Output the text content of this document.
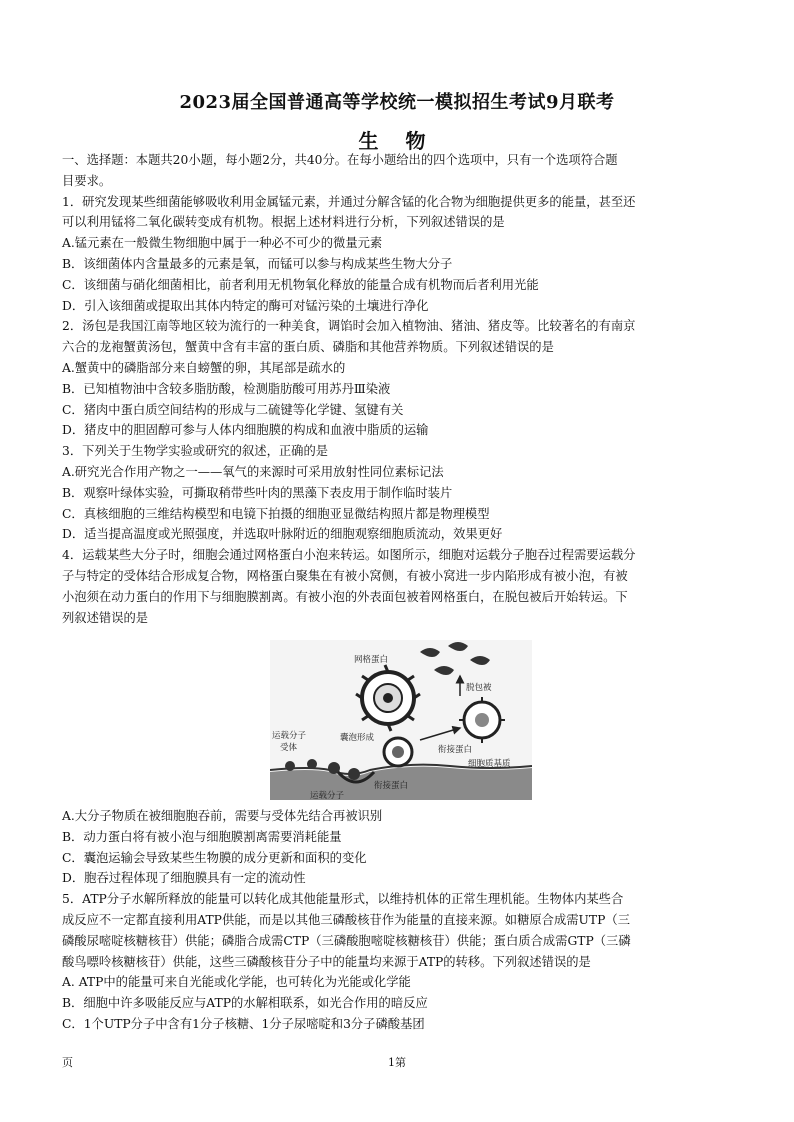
2023届全国普通高等学校统一模拟招生考试9月联考
生 物

一、选择题：本题共20小题，每小题2分，共40分。在每小题给出的四个选项中，只有一个选项符合题

目要求。

1．研究发现某些细菌能够吸收利用金属锰元素，并通过分解含锰的化合物为细胞提供更多的能量，甚至还

可以利用锰将二氧化碳转变成有机物。根据上述材料进行分析，下列叙述错误的是

A.锰元素在一般微生物细胞中属于一种必不可少的微量元素

B．该细菌体内含量最多的元素是氧，而锰可以参与构成某些生物大分子

C．该细菌与硝化细菌相比，前者利用无机物氧化释放的能量合成有机物而后者利用光能

D．引入该细菌或提取出其体内特定的酶可对锰污染的土壤进行净化

2．汤包是我国江南等地区较为流行的一种美食，调馅时会加入植物油、猪油、猪皮等。比较著名的有南京

六合的龙袍蟹黄汤包，蟹黄中含有丰富的蛋白质、磷脂和其他营养物质。下列叙述错误的是

A.蟹黄中的磷脂部分来自螃蟹的卵，其尾部是疏水的

B．已知植物油中含较多脂肪酸，检测脂肪酸可用苏丹Ⅲ染液

C．猪肉中蛋白质空间结构的形成与二硫键等化学键、氢键有关

D．猪皮中的胆固醇可参与人体内细胞膜的构成和血液中脂质的运输

3．下列关于生物学实验或研究的叙述，正确的是

A.研究光合作用产物之一——氧气的来源时可采用放射性同位素标记法

B．观察叶绿体实验，可撕取稍带些叶肉的黑藻下表皮用于制作临时装片

C．真核细胞的三维结构模型和电镜下拍摄的细胞亚显微结构照片都是物理模型

D．适当提高温度或光照强度，并选取叶脉附近的细胞观察细胞质流动，效果更好

4．运载某些大分子时，细胞会通过网格蛋白小泡来转运。如图所示，细胞对运载分子胞吞过程需要运载分

子与特定的受体结合形成复合物，网格蛋白聚集在有被小窝侧，有被小窝进一步内陷形成有被小泡，有被

小泡须在动力蛋白的作用下与细胞膜割离。有被小泡的外表面包被着网格蛋白，在脱包被后开始转运。下

列叙述错误的是

网格蛋白
脱包被
运载分子
受体
囊泡形成
衔接蛋白
细胞质基质
衔接蛋白
运载分子

A.大分子物质在被细胞胞吞前，需要与受体先结合再被识别

B．动力蛋白将有被小泡与细胞膜割离需要消耗能量

C．囊泡运输会导致某些生物膜的成分更新和面积的变化

D．胞吞过程体现了细胞膜具有一定的流动性

5．ATP分子水解所释放的能量可以转化成其他能量形式，以维持机体的正常生理机能。生物体内某些合

成反应不一定都直接利用ATP供能，而是以其他三磷酸核苷作为能量的直接来源。如糖原合成需UTP（三

磷酸尿嘧啶核糖核苷）供能；磷脂合成需CTP（三磷酸胞嘧啶核糖核苷）供能；蛋白质合成需GTP（三磷

酸鸟嘌呤核糖核苷）供能，这些三磷酸核苷分子中的能量均来源于ATP的转移。下列叙述错误的是

A. ATP中的能量可来自光能或化学能，也可转化为光能或化学能

B．细胞中许多吸能反应与ATP的水解相联系，如光合作用的暗反应

C．1个UTP分子中含有1分子核糖、1分子尿嘧啶和3分子磷酸基团

页	1第
